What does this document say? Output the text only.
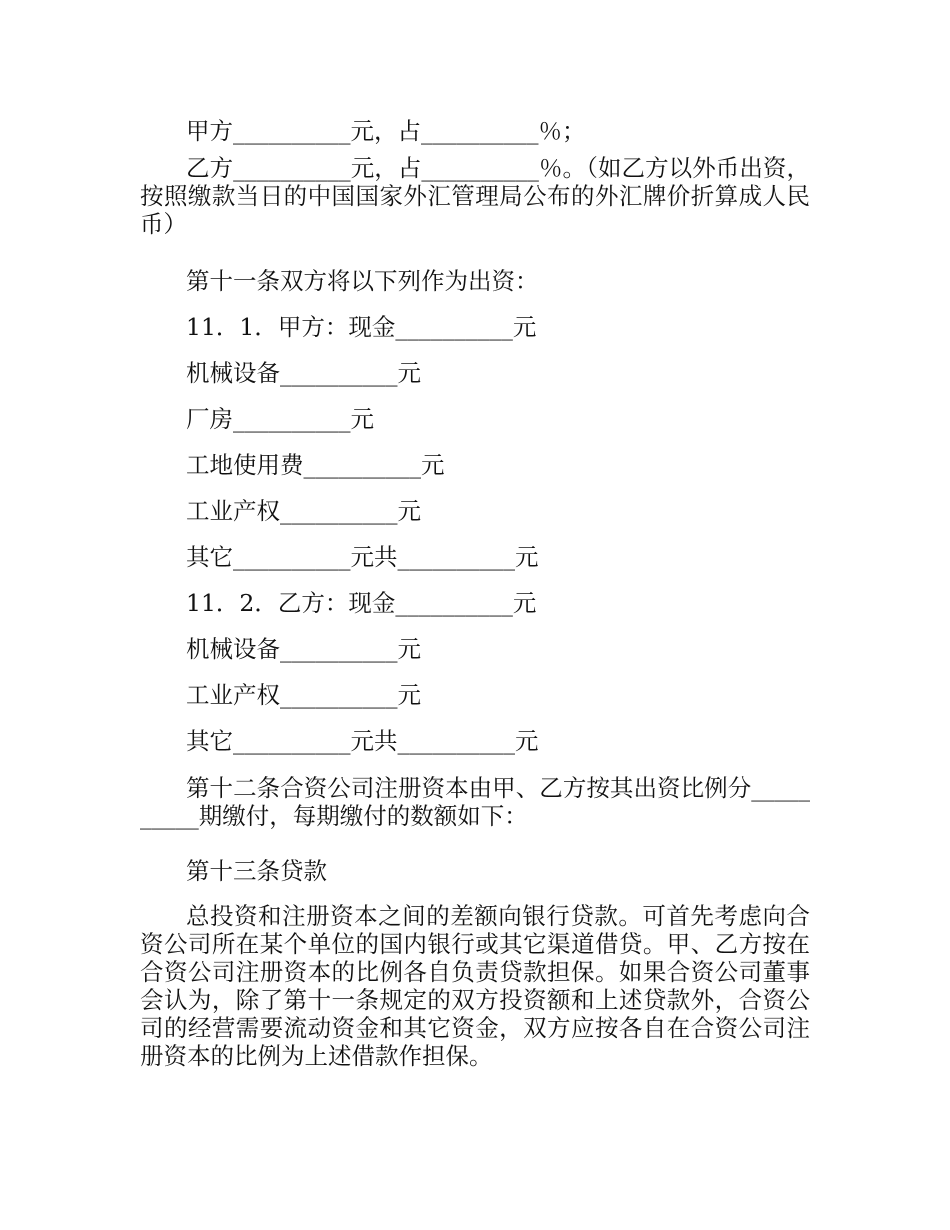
甲方__________元，占__________％；

乙方__________元，占__________％。（如乙方以外币出资，按照缴款当日的中国国家外汇管理局公布的外汇牌价折算成人民币）

第十一条双方将以下列作为出资：

11．1．甲方：现金__________元

机械设备__________元

厂房__________元

工地使用费__________元

工业产权__________元

其它__________元共__________元

11．2．乙方：现金__________元

机械设备__________元

工业产权__________元

其它__________元共__________元

第十二条合资公司注册资本由甲、乙方按其出资比例分__________期缴付，每期缴付的数额如下：

第十三条贷款

总投资和注册资本之间的差额向银行贷款。可首先考虑向合资公司所在某个单位的国内银行或其它渠道借贷。甲、乙方按在合资公司注册资本的比例各自负责贷款担保。如果合资公司董事会认为，除了第十一条规定的双方投资额和上述贷款外，合资公司的经营需要流动资金和其它资金，双方应按各自在合资公司注册资本的比例为上述借款作担保。
